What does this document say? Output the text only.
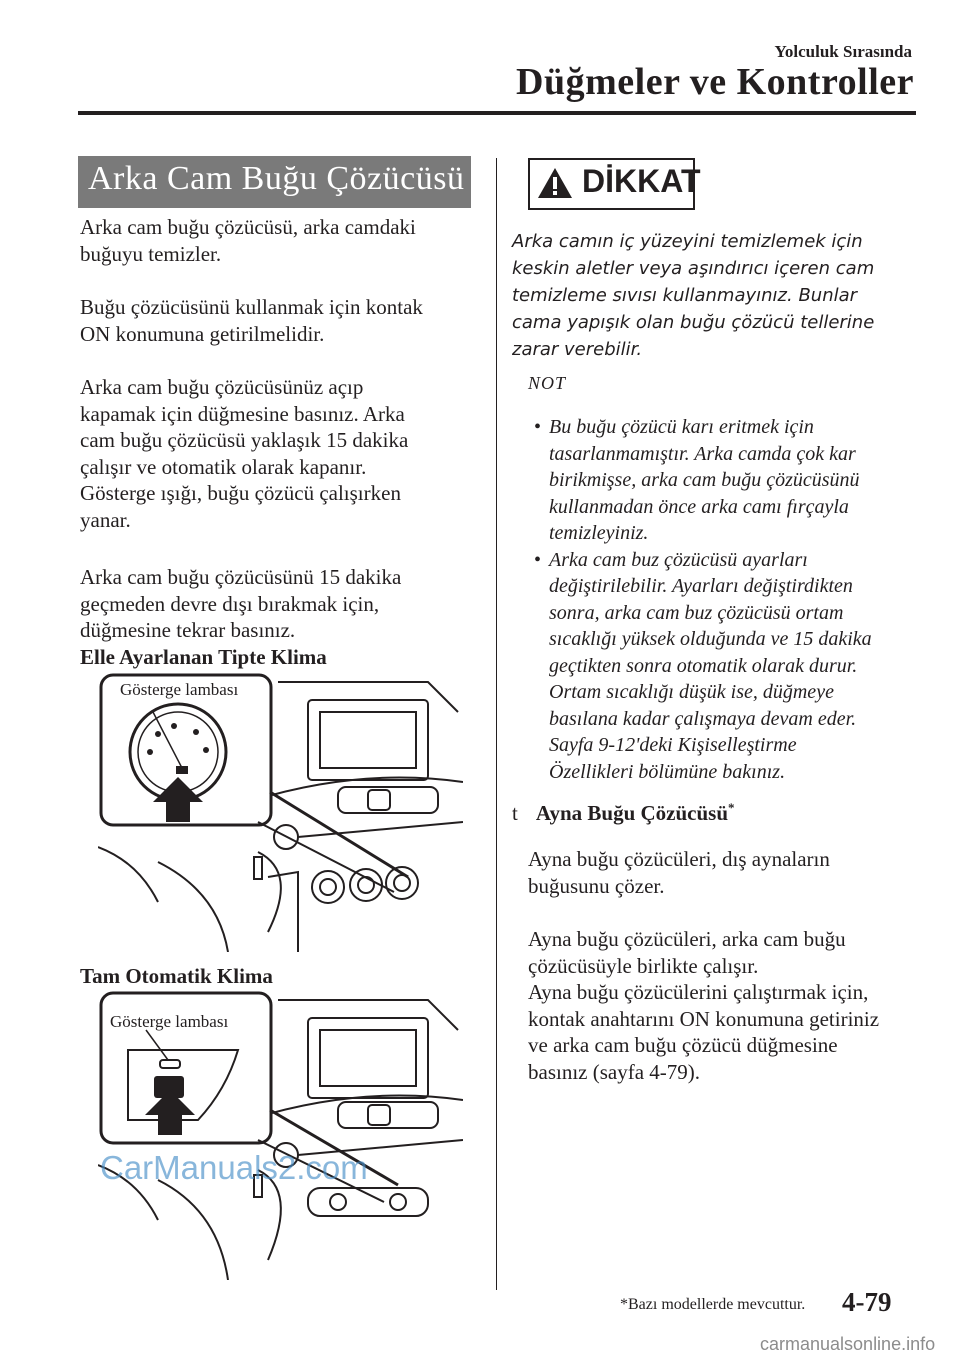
Yolculuk Sırasında
Düğmeler ve Kontroller
Arka Cam Buğu Çözücüsü
Arka cam buğu çözücüsü, arka camdaki
buğuyu temizler.
Buğu çözücüsünü kullanmak için kontak
ON konumuna getirilmelidir.
Arka cam buğu çözücüsünüz açıp
kapamak için düğmesine basınız. Arka
cam buğu çözücüsü yaklaşık 15 dakika
çalışır ve otomatik olarak kapanır.
Gösterge ışığı, buğu çözücü çalışırken
yanar.
Arka cam buğu çözücüsünü 15 dakika
geçmeden devre dışı bırakmak için,
düğmesine tekrar basınız.
Elle Ayarlanan Tipte Klima
Gösterge lambası
Tam Otomatik Klima
Gösterge lambası
DİKKAT
Arka camın iç yüzeyini temizlemek için
keskin aletler veya aşındırıcı içeren cam
temizleme sıvısı kullanmayınız. Bunlar
cama yapışık olan buğu çözücü tellerine
zarar verebilir.
NOT
• Bu buğu çözücü karı eritmek için
tasarlanmamıştır. Arka camda çok kar
birikmişse, arka cam buğu çözücüsünü
kullanmadan önce arka camı fırçayla
temizleyiniz.
• Arka cam buz çözücüsü ayarları
değiştirilebilir. Ayarları değiştirdikten
sonra, arka cam buz çözücüsü ortam
sıcaklığı yüksek olduğunda ve 15 dakika
geçtikten sonra otomatik olarak durur.
Ortam sıcaklığı düşük ise, düğmeye
basılana kadar çalışmaya devam eder.
Sayfa 9-12'deki Kişiselleştirme
Özellikleri bölümüne bakınız.
t Ayna Buğu Çözücüsü*
Ayna buğu çözücüleri, dış aynaların
buğusunu çözer.
Ayna buğu çözücüleri, arka cam buğu
çözücüsüyle birlikte çalışır.
Ayna buğu çözücülerini çalıştırmak için,
kontak anahtarını ON konumuna getiriniz
ve arka cam buğu çözücü düğmesine
basınız (sayfa 4-79).
CarManuals2.com
*Bazı modellerde mevcuttur. 4-79
carmanualsonline.info
